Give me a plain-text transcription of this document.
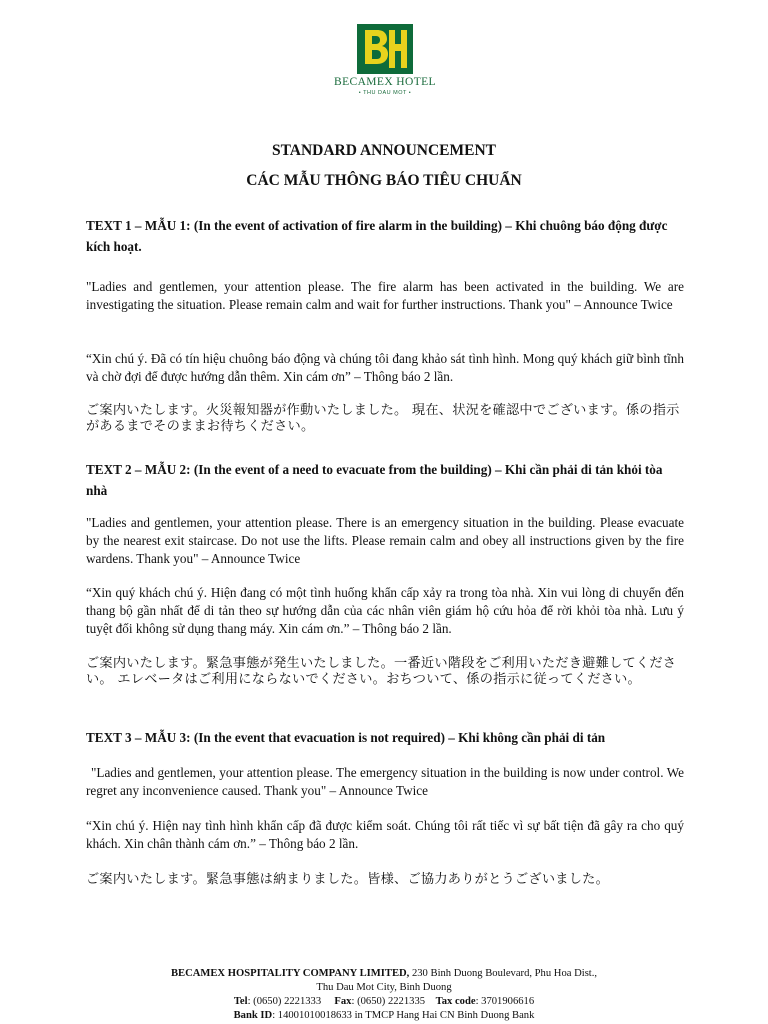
BECAMEX HOTEL
• THU DAU MOT •
STANDARD ANNOUNCEMENT
CÁC MẪU THÔNG BÁO TIÊU CHUẨN
TEXT 1 – MẪU 1: (In the event of activation of fire alarm in the building) – Khi chuông báo động được kích hoạt.
"Ladies and gentlemen, your attention please. The fire alarm has been activated in the building. We are investigating the situation. Please remain calm and wait for further instructions. Thank you" – Announce Twice
“Xin chú ý. Đã có tín hiệu chuông báo động và chúng tôi đang khảo sát tình hình. Mong quý khách giữ bình tĩnh và chờ đợi để được hướng dẫn thêm. Xin cám ơn” – Thông báo 2 lần.
ご案内いたします。火災報知器が作動いたしました。 現在、状況を確認中でございます。係の指示があるまでそのままお待ちください。
TEXT 2 – MẪU 2: (In the event of a need to evacuate from the building) – Khi cần phải di tản khỏi tòa nhà
"Ladies and gentlemen, your attention please. There is an emergency situation in the building. Please evacuate by the nearest exit staircase. Do not use the lifts. Please remain calm and obey all instructions given by the fire wardens. Thank you" – Announce Twice
“Xin quý khách chú ý. Hiện đang có một tình huống khẩn cấp xảy ra trong tòa nhà. Xin vui lòng di chuyển đến thang bộ gần nhất để di tản theo sự hướng dẫn của các nhân viên giám hộ cứu hỏa để rời khỏi tòa nhà. Lưu ý tuyệt đối không sử dụng thang máy. Xin cám ơn.” – Thông báo 2 lần.
ご案内いたします。緊急事態が発生いたしました。一番近い階段をご利用いただき避難してください。 エレベータはご利用にならないでください。おちついて、係の指示に従ってください。
TEXT 3 – MẪU 3: (In the event that evacuation is not required) – Khi không cần phải di tản
"Ladies and gentlemen, your attention please. The emergency situation in the building is now under control. We regret any inconvenience caused. Thank you" – Announce Twice
“Xin chú ý. Hiện nay tình hình khẩn cấp đã được kiểm soát. Chúng tôi rất tiếc vì sự bất tiện đã gây ra cho quý khách. Xin chân thành cám ơn.” – Thông báo 2 lần.
ご案内いたします。緊急事態は納まりました。皆様、ご協力ありがとうございました。
BECAMEX HOSPITALITY COMPANY LIMITED, 230 Binh Duong Boulevard, Phu Hoa Dist.,
Thu Dau Mot City, Binh Duong
Tel: (0650) 2221333 Fax: (0650) 2221335 Tax code: 3701906616
Bank ID: 14001010018633 in TMCP Hang Hai CN Binh Duong Bank
